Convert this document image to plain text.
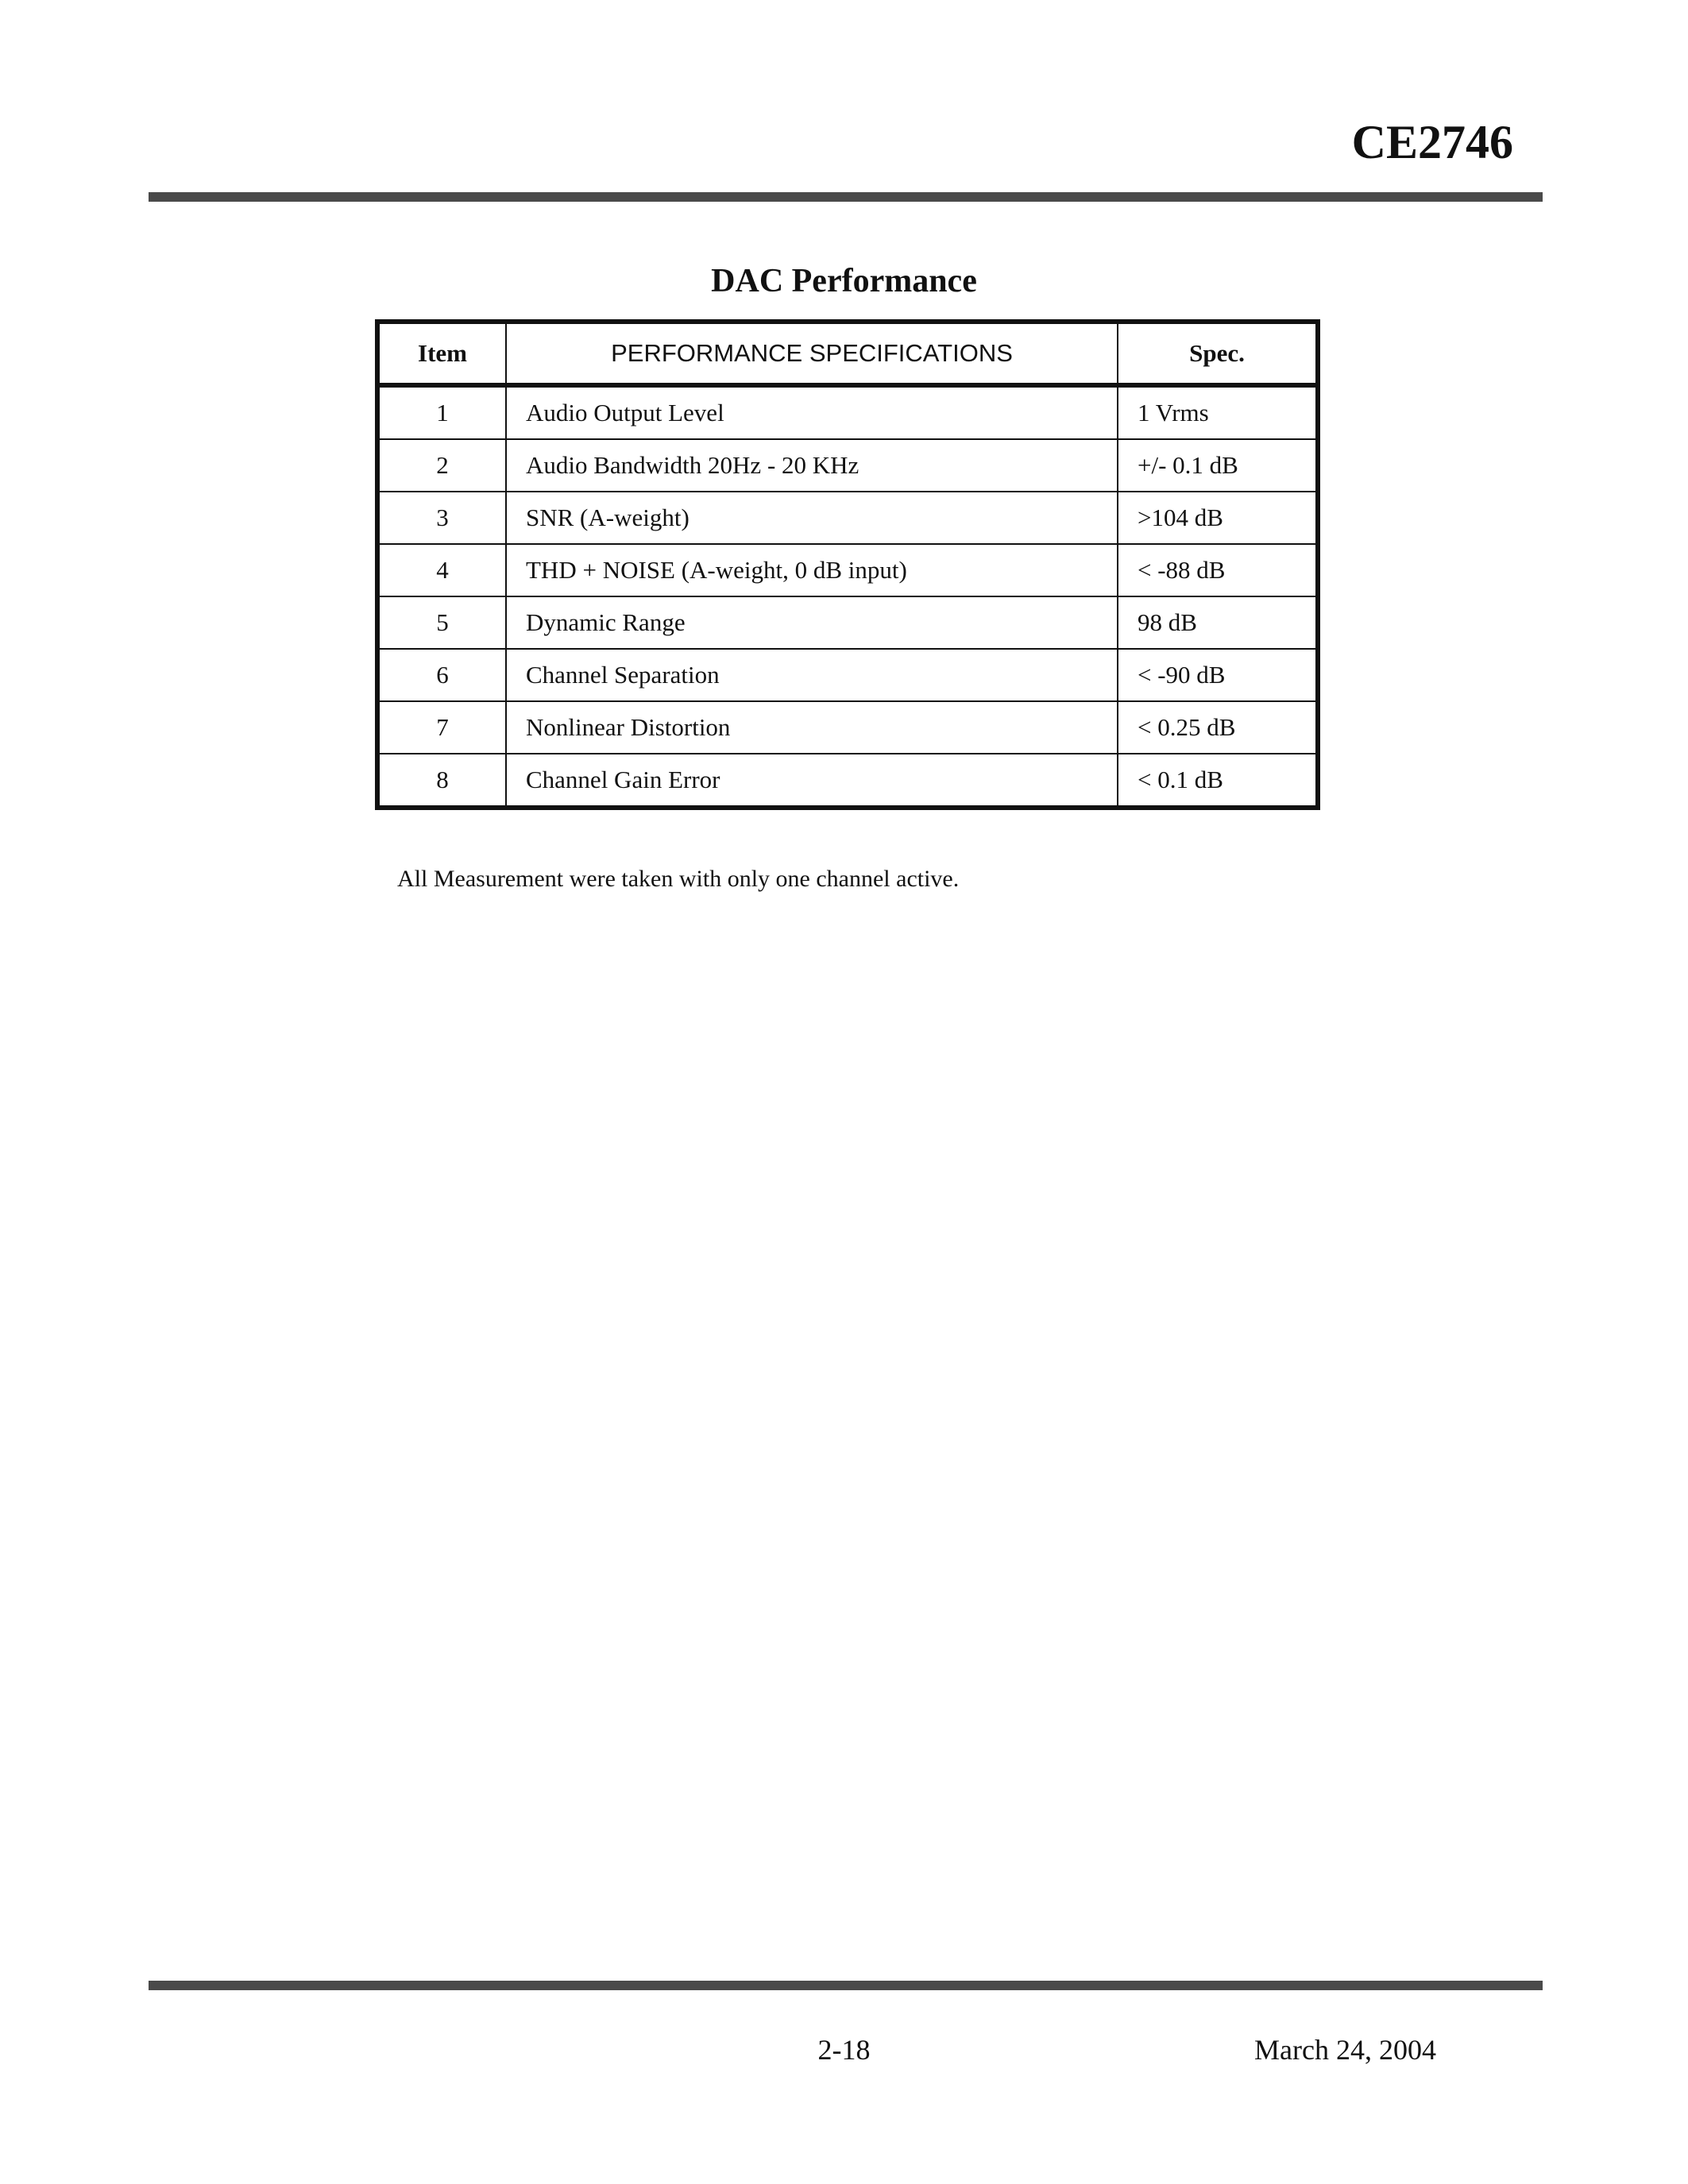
CE2746
DAC Performance
Item	PERFORMANCE SPECIFICATIONS	Spec.
1	Audio Output Level	1 Vrms
2	Audio Bandwidth 20Hz - 20 KHz	+/- 0.1 dB
3	SNR (A-weight)	>104 dB
4	THD + NOISE (A-weight, 0 dB input)	< -88 dB
5	Dynamic Range	98 dB
6	Channel Separation	< -90 dB
7	Nonlinear Distortion	< 0.25 dB
8	Channel Gain Error	< 0.1 dB
All Measurement were taken with only one channel active.
2-18	March 24, 2004
